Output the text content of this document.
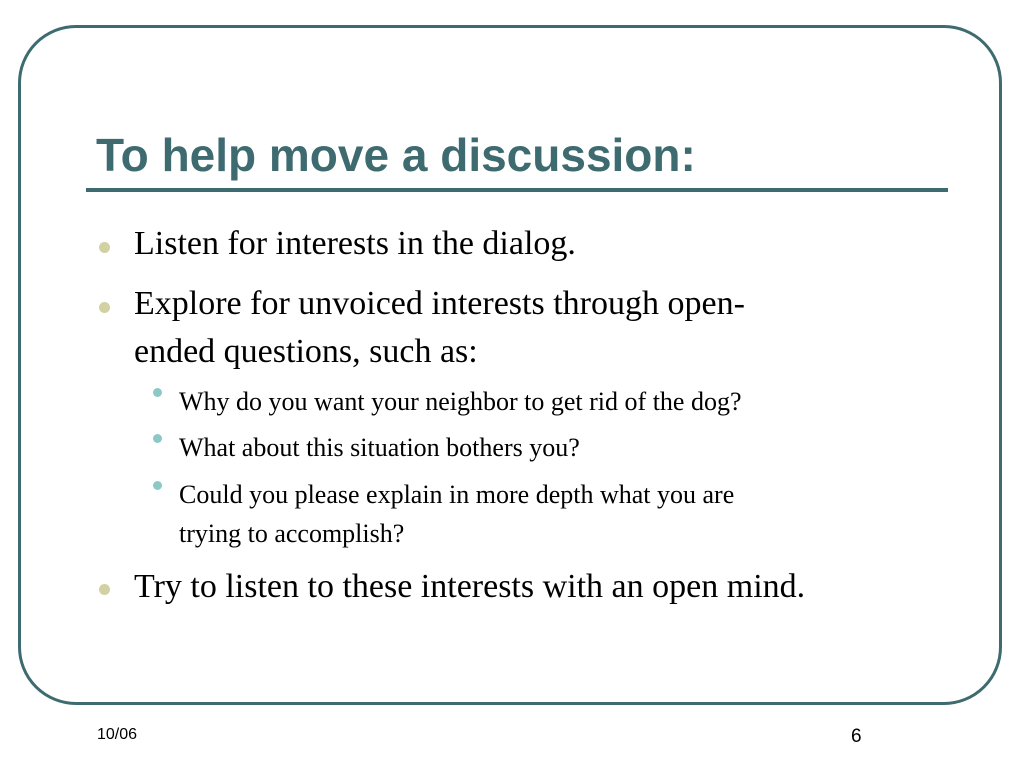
To help move a discussion:

Listen for interests in the dialog.

Explore for unvoiced interests through open-

ended questions, such as:

Why do you want your neighbor to get rid of the dog?

What about this situation bothers you?

Could you please explain in more depth what you are

trying to accomplish?

Try to listen to these interests with an open mind.

10/06	6
